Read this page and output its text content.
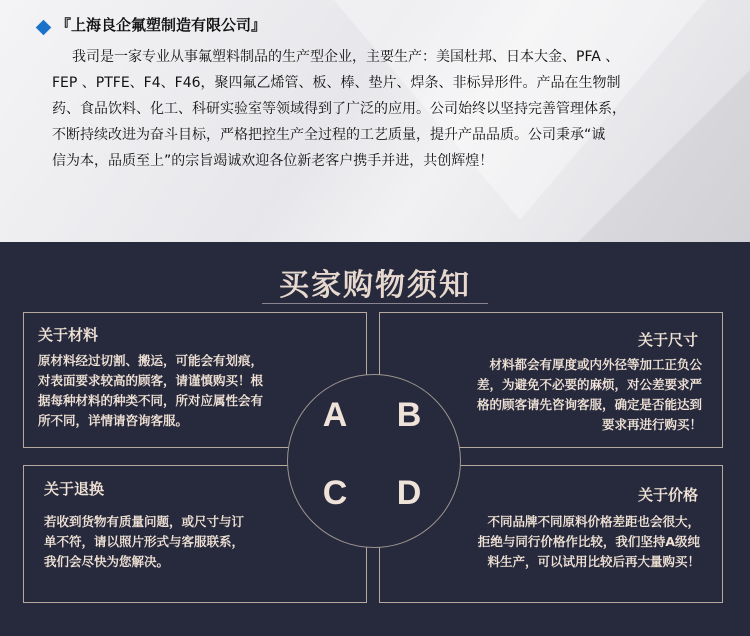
『上海良企氟塑制造有限公司』

我司是一家专业从事氟塑料制品的生产型企业，主要生产：美国杜邦、日本大金、PFA 、

FEP 、PTFE、F4、F46，聚四氟乙烯管、板、棒、垫片、焊条、非标异形件。产品在生物制

药、食品饮料、化工、科研实验室等领域得到了广泛的应用。公司始终以坚持完善管理体系，

不断持续改进为奋斗目标，严格把控生产全过程的工艺质量，提升产品品质。公司秉承“诚

信为本，品质至上”的宗旨竭诚欢迎各位新老客户携手并进，共创辉煌！

买家购物须知
关于材料
原材料经过切割、搬运，可能会有划痕，
对表面要求较高的顾客，请谨慎购买！根
据每种材料的种类不同，所对应属性会有
所不同，详情请咨询客服。
关于尺寸
材料都会有厚度或内外径等加工正负公
差，为避免不必要的麻烦，对公差要求严
格的顾客请先咨询客服，确定是否能达到
要求再进行购买！
关于退换
若收到货物有质量问题，或尺寸与订
单不符，请以照片形式与客服联系，
我们会尽快为您解决。
关于价格
不同品牌不同原料价格差距也会很大，
拒绝与同行价格作比较，我们坚持A级纯
料生产，可以试用比较后再大量购买！
A B
C D
